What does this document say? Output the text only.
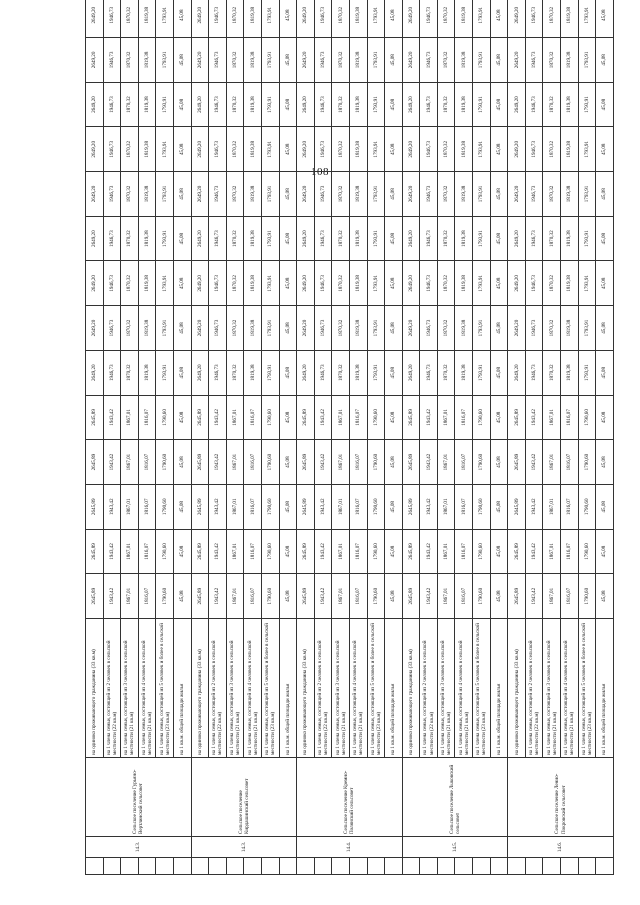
108
	14.3.	Сельское поселение Гурьяно-Вертлинский сельсовет	на одиноко проживающего гражданина (33 кв.м)	2645,89	2645,89	2645,89	2645,89	2645,89	2649,20	2649,20	2649,20	2649,20	2649,20	2649,20	2649,20	2649,20	2649,20
			на 1 члена семьи, состоящей из 2 человек в сельской местности (22 кв.м)	1943,42	1943,42	1943,42	1943,42	1943,42	1946,73	1946,73	1946,73	1946,73	1946,73	1946,73	1946,73	1946,73	1946,73
			на 1 члена семьи, состоящей из 3 человек в сельской местности (21 кв.м)	1867,01	1867,01	1867,01	1867,01	1867,01	1870,32	1870,32	1870,32	1870,32	1870,32	1870,32	1870,32	1870,32	1870,32
			на 1 члена семьи, состоящей из 4 человек в сельской местности (21 кв.м)	1816,07	1816,07	1816,07	1816,07	1816,07	1819,38	1819,38	1819,38	1819,38	1819,38	1819,38	1819,38	1819,38	1819,38
			на 1 члена семьи, состоящей из 5 человек и более в сельской местности (23 кв.м)	1790,60	1790,60	1790,60	1790,60	1790,60	1793,91	1793,91	1793,91	1793,91	1793,91	1793,91	1793,91	1793,91	1793,91
			на 1 кв.м. общей площади жилья	45,08	45,08	45,08	45,08	45,08	45,08	45,08	45,08	45,08	45,08	45,08	45,08	45,08	45,08
	14.3.	Сельское поселение Кирдашинский сельсовет	на одиноко проживающего гражданина (33 кв.м)	2645,89	2645,89	2645,89	2645,89	2645,89	2649,20	2649,20	2649,20	2649,20	2649,20	2649,20	2649,20	2649,20	2649,20
			на 1 члена семьи, состоящей из 2 человек в сельской местности (22 кв.м)	1943,42	1943,42	1943,42	1943,42	1943,42	1946,73	1946,73	1946,73	1946,73	1946,73	1946,73	1946,73	1946,73	1946,73
			на 1 члена семьи, состоящей из 3 человек в сельской местности (21 кв.м)	1867,01	1867,01	1867,01	1867,01	1867,01	1870,32	1870,32	1870,32	1870,32	1870,32	1870,32	1870,32	1870,32	1870,32
			на 1 члена семьи, состоящей из 4 человек в сельской местности (21 кв.м)	1816,07	1816,07	1816,07	1816,07	1816,07	1819,38	1819,38	1819,38	1819,38	1819,38	1819,38	1819,38	1819,38	1819,38
			на 1 члена семьи, состоящей из 5 человек и более в сельской местности (23 кв.м)	1790,60	1790,60	1790,60	1790,60	1790,60	1793,91	1793,91	1793,91	1793,91	1793,91	1793,91	1793,91	1793,91	1793,91
			на 1 кв.м. общей площади жилья	45,08	45,08	45,08	45,08	45,08	45,08	45,08	45,08	45,08	45,08	45,08	45,08	45,08	45,08
	14.4.	Сельское поселение Кремно-Полянский сельсовет	на одиноко проживающего гражданина (33 кв.м)	2645,89	2645,89	2645,89	2645,89	2645,89	2649,20	2649,20	2649,20	2649,20	2649,20	2649,20	2649,20	2649,20	2649,20
			на 1 члена семьи, состоящей из 2 человек в сельской местности (22 кв.м)	1943,42	1943,42	1943,42	1943,42	1943,42	1946,73	1946,73	1946,73	1946,73	1946,73	1946,73	1946,73	1946,73	1946,73
			на 1 члена семьи, состоящей из 3 человек в сельской местности (21 кв.м)	1867,01	1867,01	1867,01	1867,01	1867,01	1870,32	1870,32	1870,32	1870,32	1870,32	1870,32	1870,32	1870,32	1870,32
			на 1 члена семьи, состоящей из 4 человек в сельской местности (21 кв.м)	1816,07	1816,07	1816,07	1816,07	1816,07	1819,38	1819,38	1819,38	1819,38	1819,38	1819,38	1819,38	1819,38	1819,38
			на 1 члена семьи, состоящей из 5 человек и более в сельской местности (23 кв.м)	1790,60	1790,60	1790,60	1790,60	1790,60	1793,91	1793,91	1793,91	1793,91	1793,91	1793,91	1793,91	1793,91	1793,91
			на 1 кв.м. общей площади жилья	45,08	45,08	45,08	45,08	45,08	45,08	45,08	45,08	45,08	45,08	45,08	45,08	45,08	45,08
	14.5.	Сельское поселение Лыковский сельсовет	на одиноко проживающего гражданина (33 кв.м)	2645,89	2645,89	2645,89	2645,89	2645,89	2649,20	2649,20	2649,20	2649,20	2649,20	2649,20	2649,20	2649,20	2649,20
			на 1 члена семьи, состоящей из 2 человек в сельской местности (22 кв.м)	1943,42	1943,42	1943,42	1943,42	1943,42	1946,73	1946,73	1946,73	1946,73	1946,73	1946,73	1946,73	1946,73	1946,73
			на 1 члена семьи, состоящей из 3 человек в сельской местности (21 кв.м)	1867,01	1867,01	1867,01	1867,01	1867,01	1870,32	1870,32	1870,32	1870,32	1870,32	1870,32	1870,32	1870,32	1870,32
			на 1 члена семьи, состоящей из 4 человек в сельской местности (21 кв.м)	1816,07	1816,07	1816,07	1816,07	1816,07	1819,38	1819,38	1819,38	1819,38	1819,38	1819,38	1819,38	1819,38	1819,38
			на 1 члена семьи, состоящей из 5 человек и более в сельской местности (23 кв.м)	1790,60	1790,60	1790,60	1790,60	1790,60	1793,91	1793,91	1793,91	1793,91	1793,91	1793,91	1793,91	1793,91	1793,91
			на 1 кв.м. общей площади жилья	45,08	45,08	45,08	45,08	45,08	45,08	45,08	45,08	45,08	45,08	45,08	45,08	45,08	45,08
	14.6.	Сельское поселение Ленио-Покровский сельсовет	на одиноко проживающего гражданина (33 кв.м)	2645,89	2645,89	2645,89	2645,89	2645,89	2649,20	2649,20	2649,20	2649,20	2649,20	2649,20	2649,20	2649,20	2649,20
			на 1 члена семьи, состоящей из 2 человек в сельской местности (22 кв.м)	1943,42	1943,42	1943,42	1943,42	1943,42	1946,73	1946,73	1946,73	1946,73	1946,73	1946,73	1946,73	1946,73	1946,73
			на 1 члена семьи, состоящей из 3 человек в сельской местности (21 кв.м)	1867,01	1867,01	1867,01	1867,01	1867,01	1870,32	1870,32	1870,32	1870,32	1870,32	1870,32	1870,32	1870,32	1870,32
			на 1 члена семьи, состоящей из 4 человек в сельской местности (21 кв.м)	1816,07	1816,07	1816,07	1816,07	1816,07	1819,38	1819,38	1819,38	1819,38	1819,38	1819,38	1819,38	1819,38	1819,38
			на 1 члена семьи, состоящей из 5 человек и более в сельской местности (23 кв.м)	1790,60	1790,60	1790,60	1790,60	1790,60	1793,91	1793,91	1793,91	1793,91	1793,91	1793,91	1793,91	1793,91	1793,91
			на 1 кв.м. общей площади жилья	45,08	45,08	45,08	45,08	45,08	45,08	45,08	45,08	45,08	45,08	45,08	45,08	45,08	45,08
